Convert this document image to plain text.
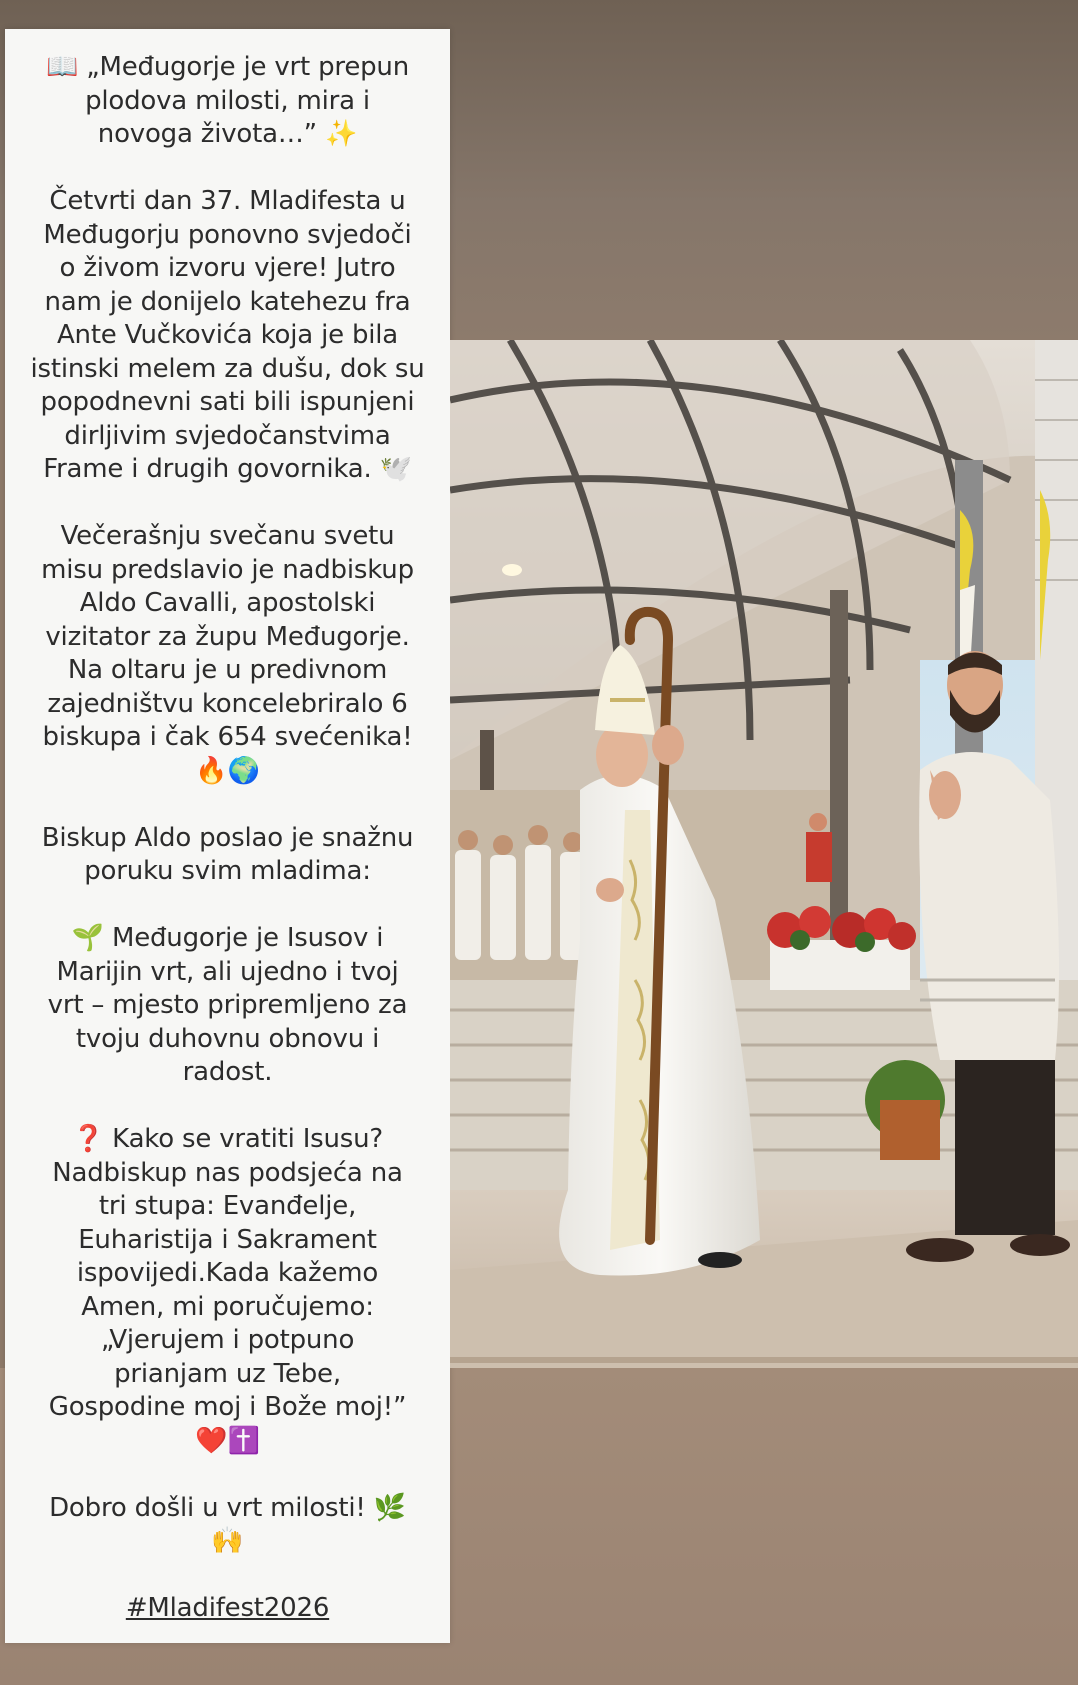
📖 „Međugorje je vrt prepun
plodova milosti, mira i
novoga života…” ✨

Četvrti dan 37. Mladifesta u
Međugorju ponovno svjedoči
o živom izvoru vjere! Jutro
nam je donijelo katehezu fra
Ante Vučkovića koja je bila
istinski melem za dušu, dok su
popodnevni sati bili ispunjeni
dirljivim svjedočanstvima
Frame i drugih govornika. 🕊️

Večerašnju svečanu svetu
misu predslavio je nadbiskup
Aldo Cavalli, apostolski
vizitator za župu Međugorje.
Na oltaru je u predivnom
zajedništvu koncelebriralo 6
biskupa i čak 654 svećenika!
🔥🌍

Biskup Aldo poslao je snažnu
poruku svim mladima:

🌱 Međugorje je Isusov i
Marijin vrt, ali ujedno i tvoj
vrt – mjesto pripremljeno za
tvoju duhovnu obnovu i
radost.

❓ Kako se vratiti Isusu?
Nadbiskup nas podsjeća na
tri stupa: Evanđelje,
Euharistija i Sakrament
ispovijedi.Kada kažemo
Amen, mi poručujemo:
„Vjerujem i potpuno
prianjam uz Tebe,
Gospodine moj i Bože moj!”
❤️✝️

Dobro došli u vrt milosti! 🌿
🙌

#Mladifest2026
